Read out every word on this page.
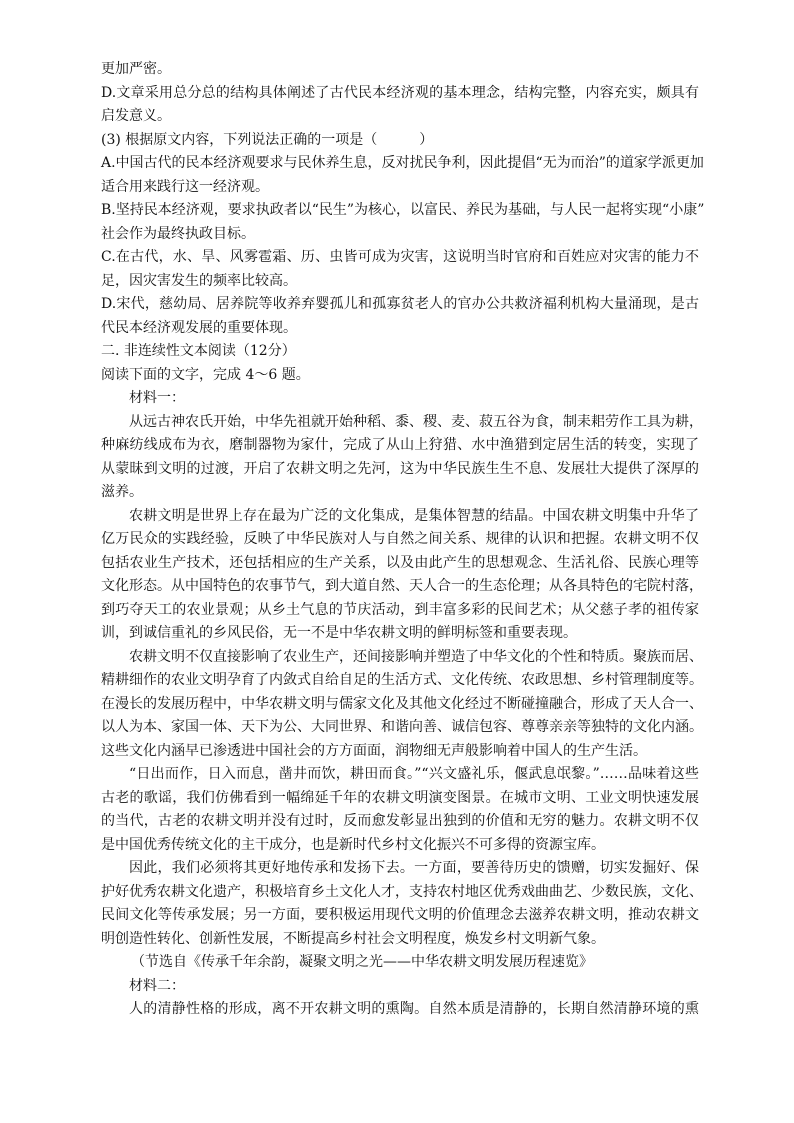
更加严密。
D.文章采用总分总的结构具体阐述了古代民本经济观的基本理念，结构完整，内容充实，颇具有
启发意义。
(3) 根据原文内容，下列说法正确的一项是（　　　）
A.中国古代的民本经济观要求与民休养生息，反对扰民争利，因此提倡“无为而治”的道家学派更加
适合用来践行这一经济观。
B.坚持民本经济观，要求执政者以“民生”为核心，以富民、养民为基础，与人民一起将实现“小康”
社会作为最终执政目标。
C.在古代，水、旱、风雾雹霜、历、虫皆可成为灾害，这说明当时官府和百姓应对灾害的能力不
足，因灾害发生的频率比较高。
D.宋代，慈幼局、居养院等收养弃婴孤儿和孤寡贫老人的官办公共救济福利机构大量涌现，是古
代民本经济观发展的重要体现。
二. 非连续性文本阅读（12分）
阅读下面的文字，完成 4～6 题。
材料一：
从远古神农氏开始，中华先祖就开始种稻、黍、稷、麦、菽五谷为食，制耒耜劳作工具为耕，
种麻纺线成布为衣，磨制器物为家什，完成了从山上狩猎、水中渔猎到定居生活的转变，实现了
从蒙昧到文明的过渡，开启了农耕文明之先河，这为中华民族生生不息、发展壮大提供了深厚的
滋养。
农耕文明是世界上存在最为广泛的文化集成，是集体智慧的结晶。中国农耕文明集中升华了
亿万民众的实践经验，反映了中华民族对人与自然之间关系、规律的认识和把握。农耕文明不仅
包括农业生产技术，还包括相应的生产关系，以及由此产生的思想观念、生活礼俗、民族心理等
文化形态。从中国特色的农事节气，到大道自然、天人合一的生态伦理；从各具特色的宅院村落，
到巧夺天工的农业景观；从乡土气息的节庆活动，到丰富多彩的民间艺术；从父慈子孝的祖传家
训，到诚信重礼的乡风民俗，无一不是中华农耕文明的鲜明标签和重要表现。
农耕文明不仅直接影响了农业生产，还间接影响并塑造了中华文化的个性和特质。聚族而居、
精耕细作的农业文明孕育了内敛式自给自足的生活方式、文化传统、农政思想、乡村管理制度等。
在漫长的发展历程中，中华农耕文明与儒家文化及其他文化经过不断碰撞融合，形成了天人合一、
以人为本、家国一体、天下为公、大同世界、和谐向善、诚信包容、尊尊亲亲等独特的文化内涵。
这些文化内涵早已渗透进中国社会的方方面面，润物细无声般影响着中国人的生产生活。
“日出而作，日入而息，凿井而饮，耕田而食。”“兴文盛礼乐，偃武息氓黎。”……品味着这些
古老的歌谣，我们仿佛看到一幅绵延千年的农耕文明演变图景。在城市文明、工业文明快速发展
的当代，古老的农耕文明并没有过时，反而愈发彰显出独到的价值和无穷的魅力。农耕文明不仅
是中国优秀传统文化的主干成分，也是新时代乡村文化振兴不可多得的资源宝库。
因此，我们必须将其更好地传承和发扬下去。一方面，要善待历史的馈赠，切实发掘好、保
护好优秀农耕文化遗产，积极培育乡土文化人才，支持农村地区优秀戏曲曲艺、少数民族，文化、
民间文化等传承发展；另一方面，要积极运用现代文明的价值理念去滋养农耕文明，推动农耕文
明创造性转化、创新性发展，不断提高乡村社会文明程度，焕发乡村文明新气象。
（节选自《传承千年余韵，凝聚文明之光——中华农耕文明发展历程速览》
材料二：
人的清静性格的形成，离不开农耕文明的熏陶。自然本质是清静的，长期自然清静环境的熏
